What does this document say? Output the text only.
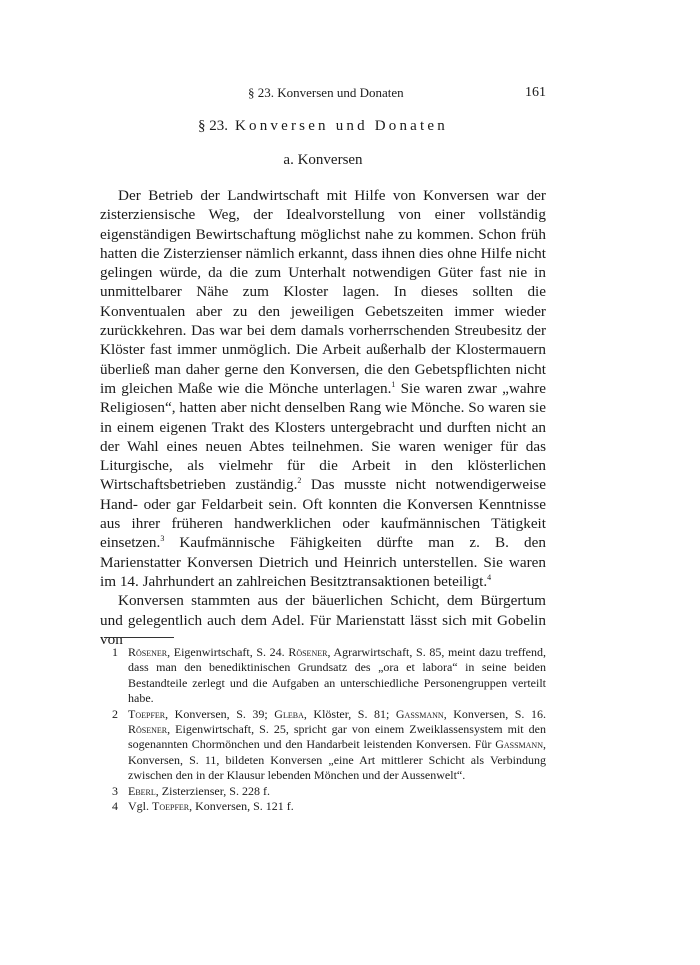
§ 23. Konversen und Donaten	161
§ 23. Konversen und Donaten
a. Konversen

Der Betrieb der Landwirtschaft mit Hilfe von Konversen war der zisterziensische Weg, der Idealvorstellung von einer vollständig eigenständigen Bewirtschaftung möglichst nahe zu kommen. Schon früh hatten die Zisterzienser nämlich erkannt, dass ihnen dies ohne Hilfe nicht gelingen würde, da die zum Unterhalt notwendigen Güter fast nie in unmittelbarer Nähe zum Kloster lagen. In dieses sollten die Konventualen aber zu den jeweiligen Gebetszeiten immer wieder zurückkehren. Das war bei dem damals vorherrschenden Streubesitz der Klöster fast immer unmöglich. Die Arbeit außerhalb der Klostermauern überließ man daher gerne den Konversen, die den Gebetspflichten nicht im gleichen Maße wie die Mönche unterlagen.$^1$ Sie waren zwar „wahre Religiosen“, hatten aber nicht denselben Rang wie Mönche. So waren sie in einem eigenen Trakt des Klosters untergebracht und durften nicht an der Wahl eines neuen Abtes teilnehmen. Sie waren weniger für das Liturgische, als vielmehr für die Arbeit in den klösterlichen Wirtschaftsbetrieben zuständig.$^2$ Das musste nicht notwendigerweise Hand- oder gar Feldarbeit sein. Oft konnten die Konversen Kenntnisse aus ihrer früheren handwerklichen oder kaufmännischen Tätigkeit einsetzen.$^3$ Kaufmännische Fähigkeiten dürfte man z. B. den Marienstatter Konversen Dietrich und Heinrich unterstellen. Sie waren im 14. Jahrhundert an zahlreichen Besitztransaktionen beteiligt.$^4$

Konversen stammten aus der bäuerlichen Schicht, dem Bürgertum und gelegentlich auch dem Adel. Für Marienstatt lässt sich mit Gobelin von

1 Rösener, Eigenwirtschaft, S. 24. Rösener, Agrarwirtschaft, S. 85, meint dazu treffend, dass man den benediktinischen Grundsatz des „ora et labora“ in seine beiden Bestandteile zerlegt und die Aufgaben an unterschiedliche Personengruppen verteilt habe.

2 Toepfer, Konversen, S. 39; Gleba, Klöster, S. 81; Gassmann, Konversen, S. 16. Rösener, Eigenwirtschaft, S. 25, spricht gar von einem Zweiklassensystem mit den sogenannten Chormönchen und den Handarbeit leistenden Konversen. Für Gassmann, Konversen, S. 11, bildeten Konversen „eine Art mittlerer Schicht als Verbindung zwischen den in der Klausur lebenden Mönchen und der Aussenwelt“.

3 Eberl, Zisterzienser, S. 228 f.

4 Vgl. Toepfer, Konversen, S. 121 f.
